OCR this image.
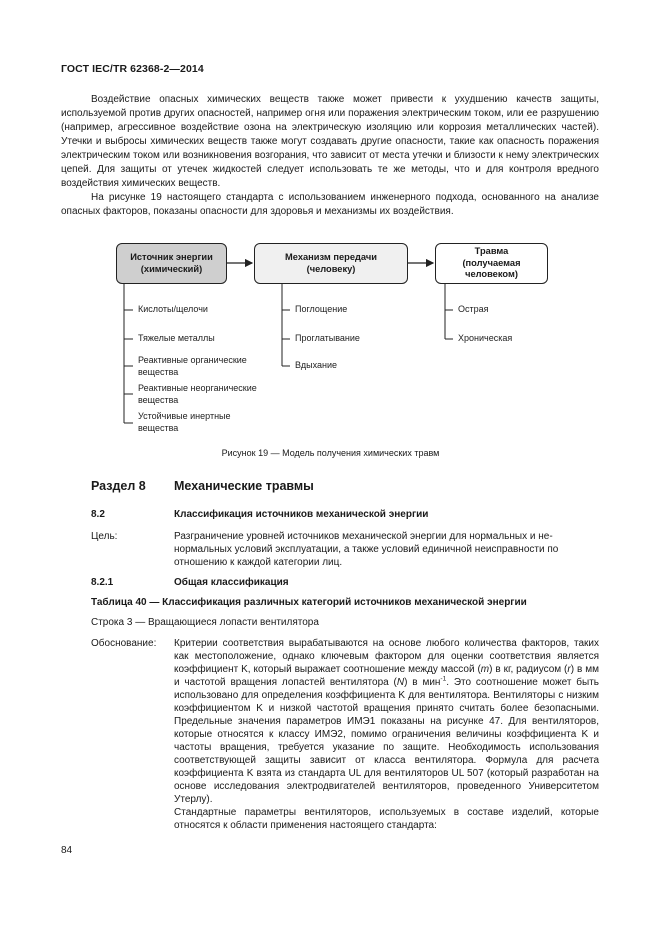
ГОСТ IEC/TR 62368-2—2014

Воздействие опасных химических веществ также может привести к ухудшению качеств защиты, используемой против других опасностей, например огня или поражения электрическим током, или ее разрушению (например, агрессивное воздействие озона на электрическую изоляцию или коррозия металлических частей). Утечки и выбросы химических веществ также могут создавать другие опасности, такие как опасность поражения электрическим током или возникновения возгорания, что зависит от места утечки и близости к нему электрических цепей. Для защиты от утечек жидкостей следует использовать те же методы, что и для контроля вредного воздействия химических веществ.

На рисунке 19 настоящего стандарта с использованием инженерного подхода, основанного на анализе опасных факторов, показаны опасности для здоровья и механизмы их воздействия.

Источник энергии
(химический)
Механизм передачи
(человеку)
Травма
(получаемая
человеком)
Кислоты/щелочи
Тяжелые металлы
Реактивные органические
вещества
Реактивные неорганические
вещества
Устойчивые инертные
вещества
Поглощение
Проглатывание
Вдыхание
Острая
Хроническая
Рисунок 19 — Модель получения химических травм
Раздел 8 Механические травмы
8.2	Классификация источников механической энергии
Цель:	Разграничение уровней источников механической энергии для нормальных и не-
нормальных условий эксплуатации, а также условий единичной неисправности по
отношению к каждой категории лиц.
8.2.1	Общая классификация
Таблица 40 — Классификация различных категорий источников механической энергии
Строка 3 — Вращающиеся лопасти вентилятора
Обоснование: Критерии соответствия вырабатываются на основе любого количества факторов, таких как местоположение, однако ключевым фактором для оценки соответствия является коэффициент K, который выражает соотношение между массой (m) в кг, радиусом (r) в мм и частотой вращения лопастей вентилятора (N) в мин$^{-1}$. Это соотношение может быть использовано для определения коэффициента K для вентилятора. Вентиляторы с низким коэффициентом K и низкой частотой вращения принято считать более безопасными. Предельные значения параметров ИМЭ1 показаны на рисунке 47. Для вентиляторов, которые относятся к классу ИМЭ2, помимо ограничения величины коэффициента K и частоты вращения, требуется указание по защите. Необходимость использования соответствующей защиты зависит от класса вентилятора. Формула для расчета коэффициента K взята из стандарта UL для вентиляторов UL 507 (который разработан на основе исследования электродвигателей вентиляторов, проведенного Университетом Утерлу).
Стандартные параметры вентиляторов, используемых в составе изделий, которые относятся к области применения настоящего стандарта:
84
